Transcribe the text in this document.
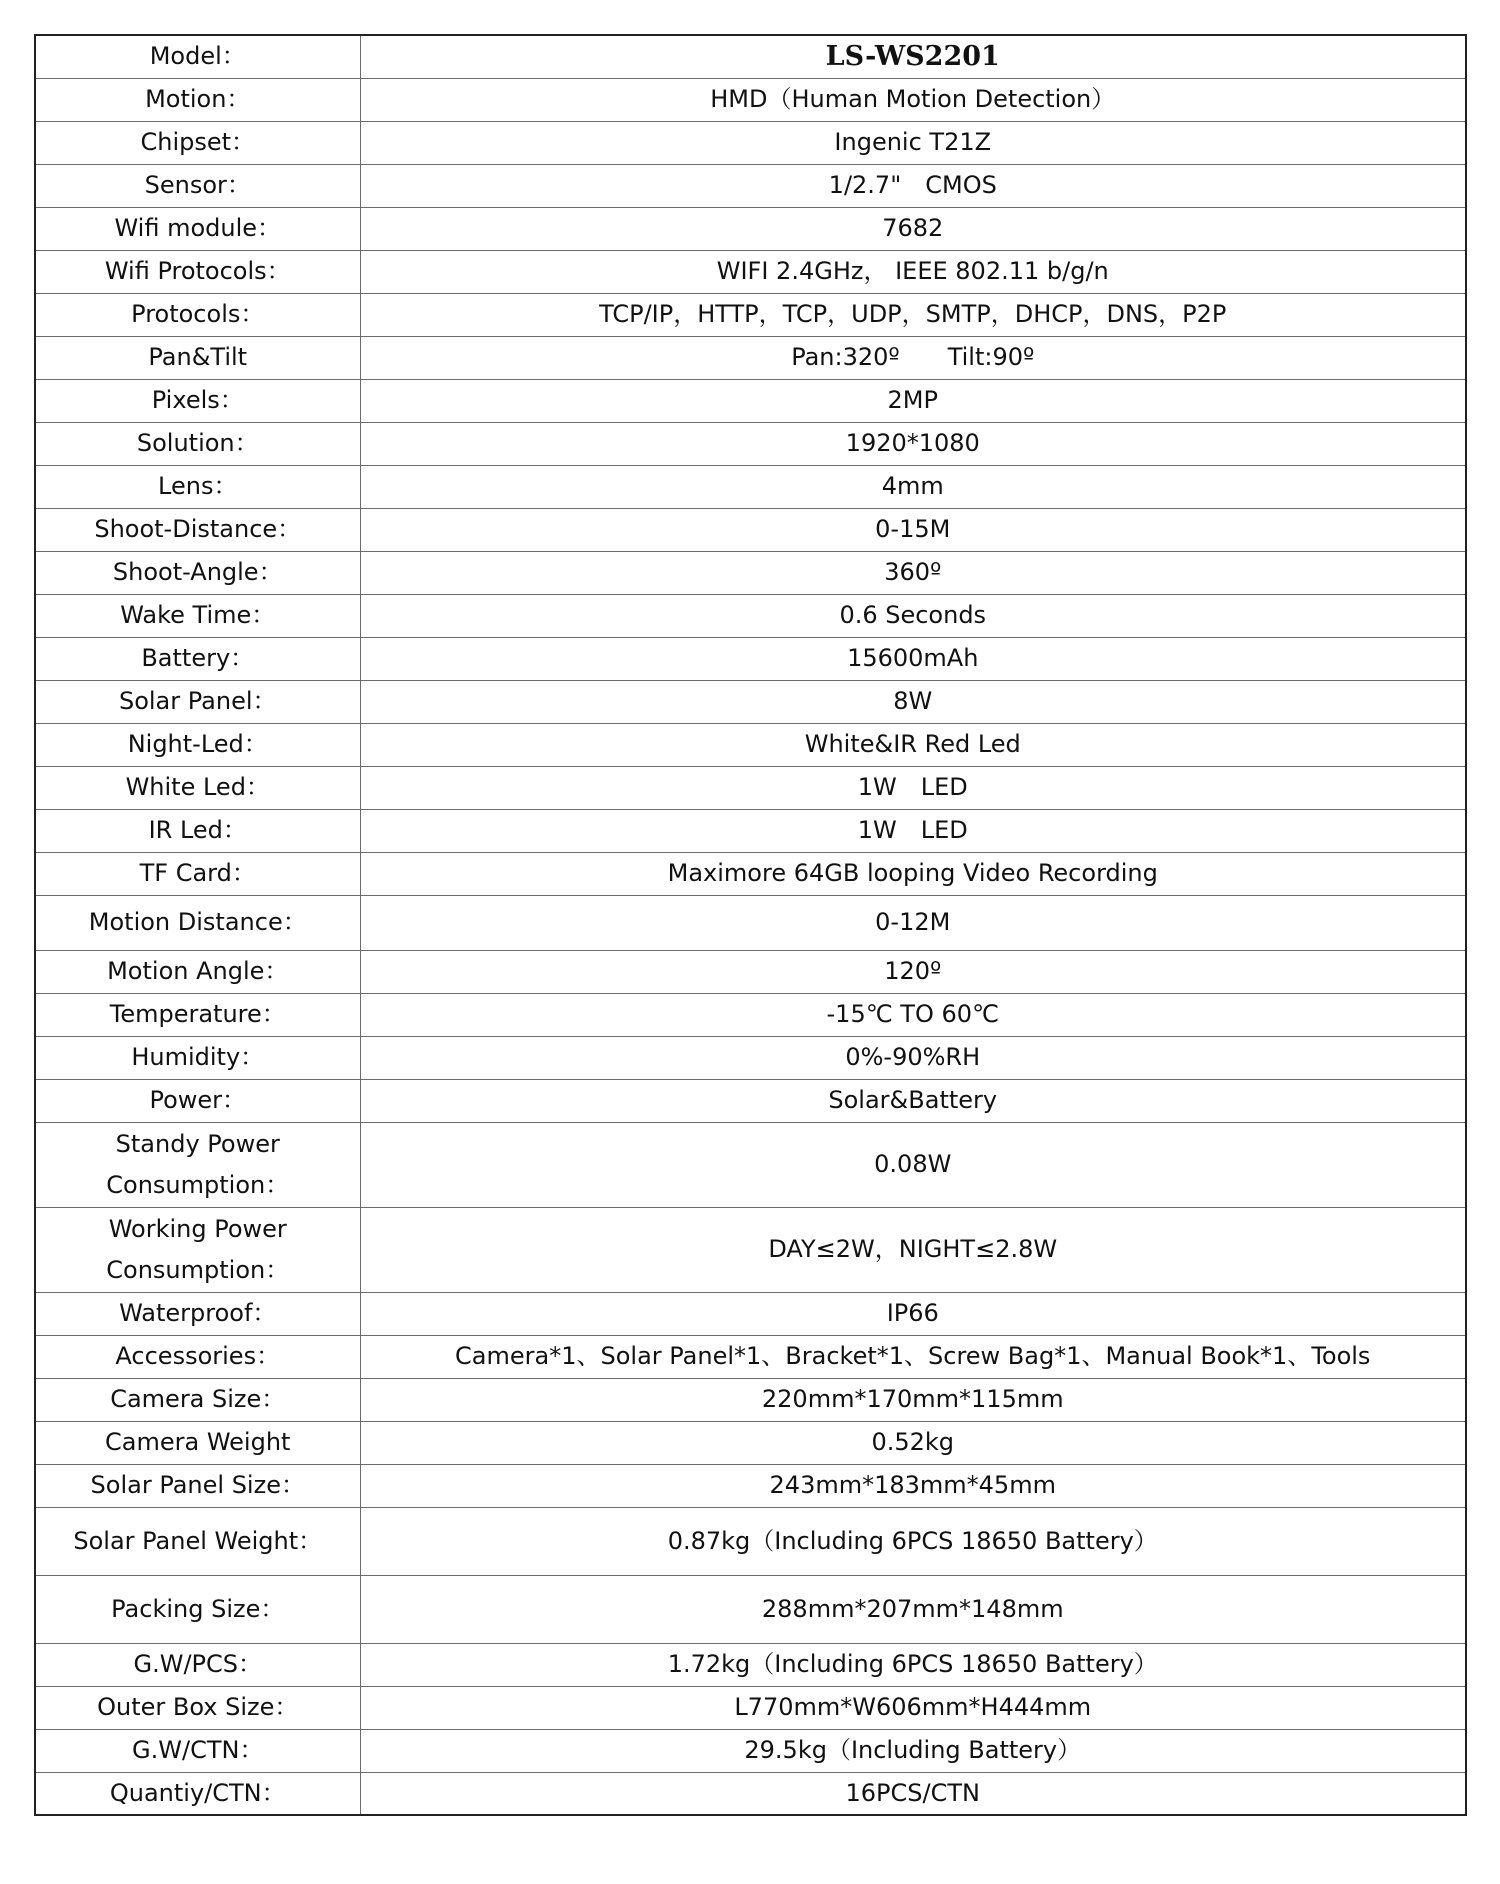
Model：	LS-WS2201
Motion：	HMD（Human Motion Detection）
Chipset：	Ingenic T21Z
Sensor：	1/2.7"　CMOS
Wifi module：	7682
Wifi Protocols：	WIFI 2.4GHz， IEEE 802.11 b/g/n
Protocols：	TCP/IP，HTTP，TCP，UDP，SMTP，DHCP，DNS，P2P
Pan&Tilt	Pan:320º　　Tilt:90º
Pixels：	2MP
Solution：	1920*1080
Lens：	4mm
Shoot-Distance：	0-15M
Shoot-Angle：	360º
Wake Time：	0.6 Seconds
Battery：	15600mAh
Solar Panel：	8W
Night-Led：	White&IR Red Led
White Led：	1W　LED
IR Led：	1W　LED
TF Card：	Maximore 64GB looping Video Recording
Motion Distance：	0-12M
Motion Angle：	120º
Temperature：	-15℃ TO 60℃
Humidity：	0%-90%RH
Power：	Solar&Battery
Standy Power Consumption：	0.08W
Working Power Consumption：	DAY≤2W，NIGHT≤2.8W
Waterproof：	IP66
Accessories：	Camera*1、Solar Panel*1、Bracket*1、Screw Bag*1、Manual Book*1、Tools
Camera Size：	220mm*170mm*115mm
Camera Weight	0.52kg
Solar Panel Size：	243mm*183mm*45mm
Solar Panel Weight：	0.87kg（Including 6PCS 18650 Battery）
Packing Size：	288mm*207mm*148mm
G.W/PCS：	1.72kg（Including 6PCS 18650 Battery）
Outer Box Size：	L770mm*W606mm*H444mm
G.W/CTN：	29.5kg（Including Battery）
Quantiy/CTN：	16PCS/CTN
